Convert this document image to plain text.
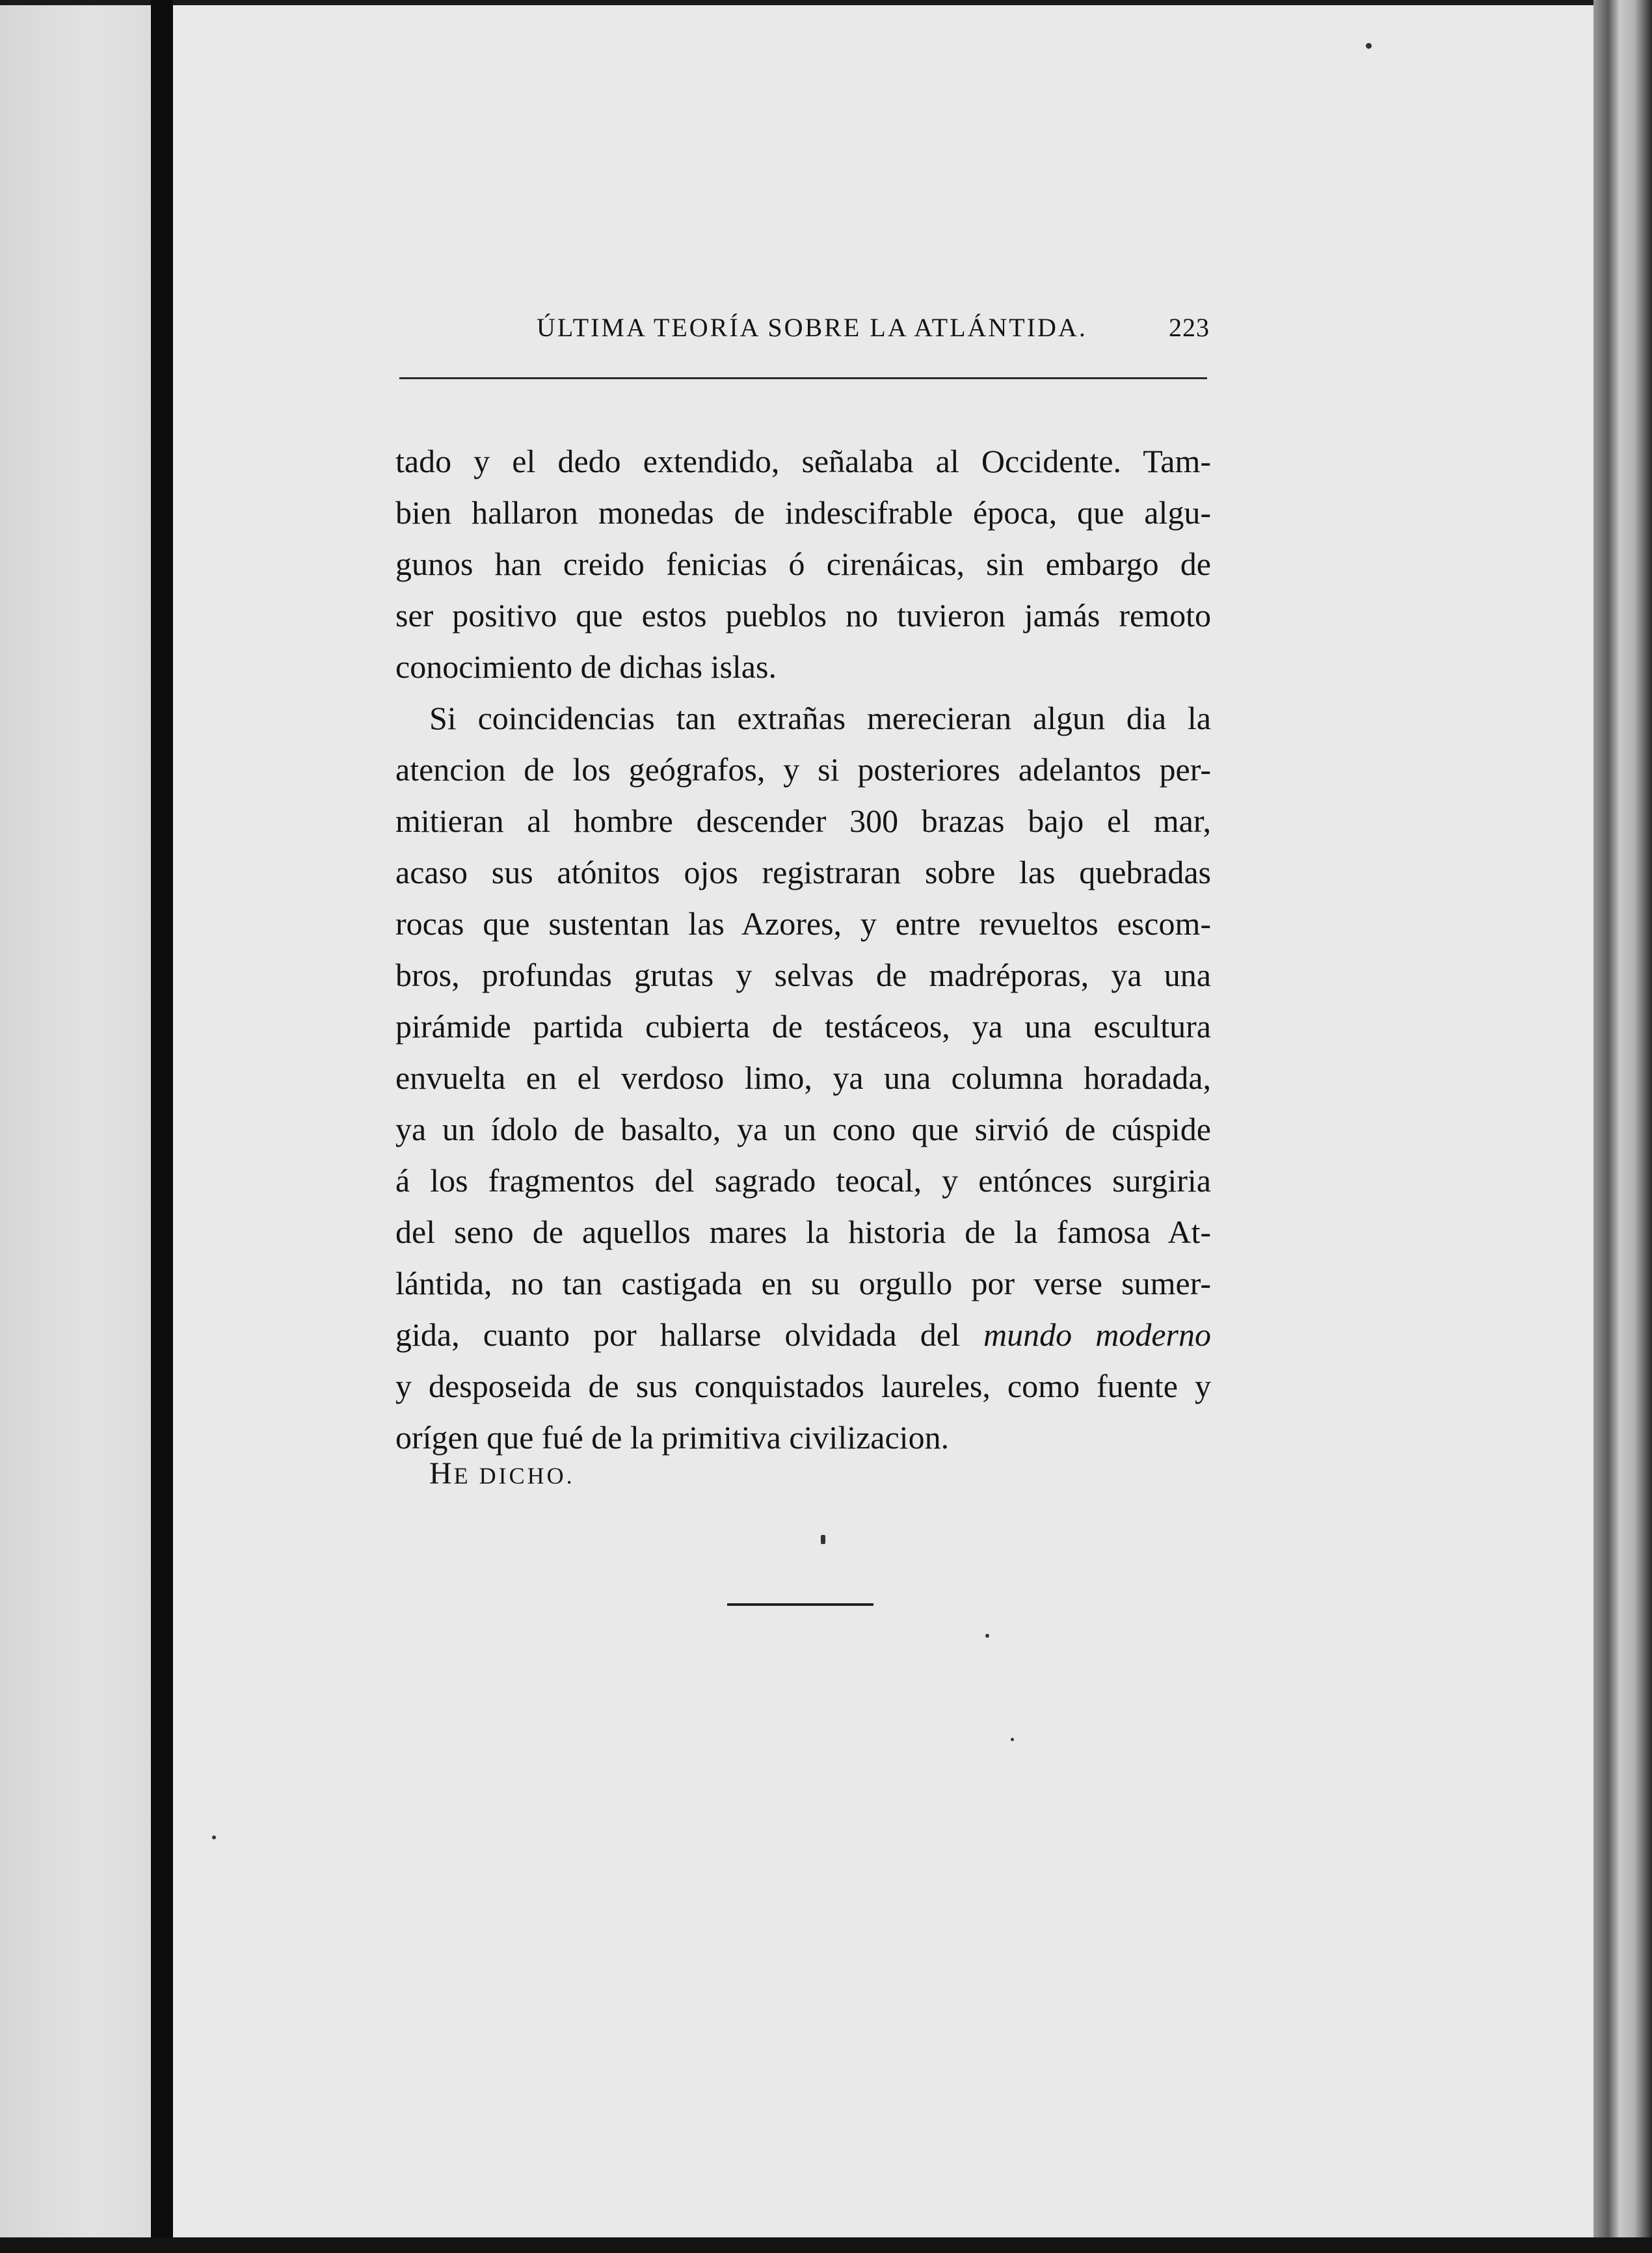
ÚLTIMA TEORÍA SOBRE LA ATLÁNTIDA.	223
tado y el dedo extendido, señalaba al Occidente. Tam-
bien hallaron monedas de indescifrable época, que algu-
gunos han creido fenicias ó cirenáicas, sin embargo de
ser positivo que estos pueblos no tuvieron jamás remoto
conocimiento de dichas islas.
Si coincidencias tan extrañas merecieran algun dia la
atencion de los geógrafos, y si posteriores adelantos per-
mitieran al hombre descender 300 brazas bajo el mar,
acaso sus atónitos ojos registraran sobre las quebradas
rocas que sustentan las Azores, y entre revueltos escom-
bros, profundas grutas y selvas de madréporas, ya una
pirámide partida cubierta de testáceos, ya una escultura
envuelta en el verdoso limo, ya una columna horadada,
ya un ídolo de basalto, ya un cono que sirvió de cúspide
á los fragmentos del sagrado teocal, y entónces surgiria
del seno de aquellos mares la historia de la famosa At-
lántida, no tan castigada en su orgullo por verse sumer-
gida, cuanto por hallarse olvidada del mundo moderno
y desposeida de sus conquistados laureles, como fuente y
orígen que fué de la primitiva civilizacion.
HE DICHO.
